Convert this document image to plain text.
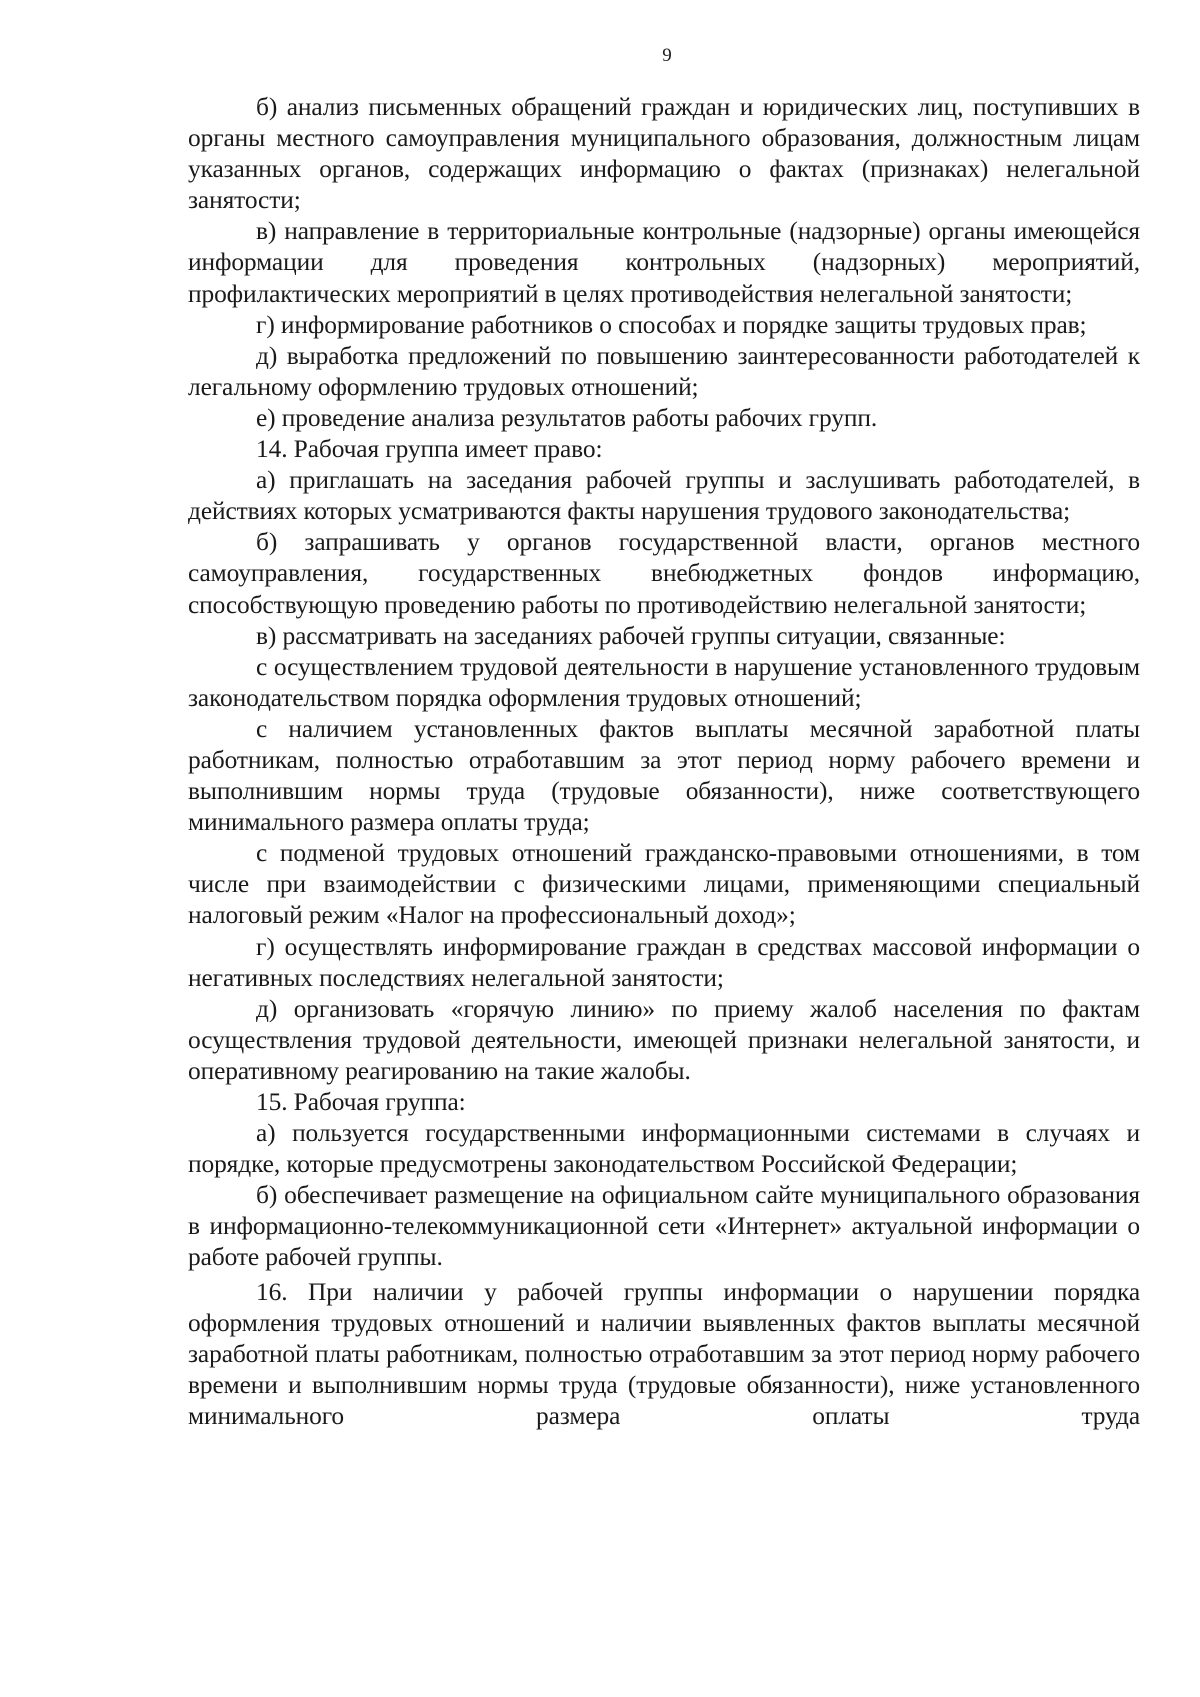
9

б) анализ письменных обращений граждан и юридических лиц, поступивших в органы местного самоуправления муниципального образования, должностным лицам указанных органов, содержащих информацию о фактах (признаках) нелегальной занятости;

в) направление в территориальные контрольные (надзорные) органы имеющейся информации для проведения контрольных (надзорных) мероприятий, профилактических мероприятий в целях противодействия нелегальной занятости;

г) информирование работников о способах и порядке защиты трудовых прав;

д) выработка предложений по повышению заинтересованности работодателей к легальному оформлению трудовых отношений;

е) проведение анализа результатов работы рабочих групп.

14. Рабочая группа имеет право:

а) приглашать на заседания рабочей группы и заслушивать работодателей, в действиях которых усматриваются факты нарушения трудового законодательства;

б) запрашивать у органов государственной власти, органов местного самоуправления, государственных внебюджетных фондов информацию, способствующую проведению работы по противодействию нелегальной занятости;

в) рассматривать на заседаниях рабочей группы ситуации, связанные:

с осуществлением трудовой деятельности в нарушение установленного трудовым законодательством порядка оформления трудовых отношений;

с наличием установленных фактов выплаты месячной заработной платы работникам, полностью отработавшим за этот период норму рабочего времени и выполнившим нормы труда (трудовые обязанности), ниже соответствующего минимального размера оплаты труда;

с подменой трудовых отношений гражданско-правовыми отношениями, в том числе при взаимодействии с физическими лицами, применяющими специальный налоговый режим «Налог на профессиональный доход»;

г) осуществлять информирование граждан в средствах массовой информации о негативных последствиях нелегальной занятости;

д) организовать «горячую линию» по приему жалоб населения по фактам осуществления трудовой деятельности, имеющей признаки нелегальной занятости, и оперативному реагированию на такие жалобы.

15. Рабочая группа:

а) пользуется государственными информационными системами в случаях и порядке, которые предусмотрены законодательством Российской Федерации;

б) обеспечивает размещение на официальном сайте муниципального образования в информационно-телекоммуникационной сети «Интернет» актуальной информации о работе рабочей группы.

16. При наличии у рабочей группы информации о нарушении порядка оформления трудовых отношений и наличии выявленных фактов выплаты месячной заработной платы работникам, полностью отработавшим за этот период норму рабочего времени и выполнившим нормы труда (трудовые обязанности), ниже установленного минимального размера оплаты труда
